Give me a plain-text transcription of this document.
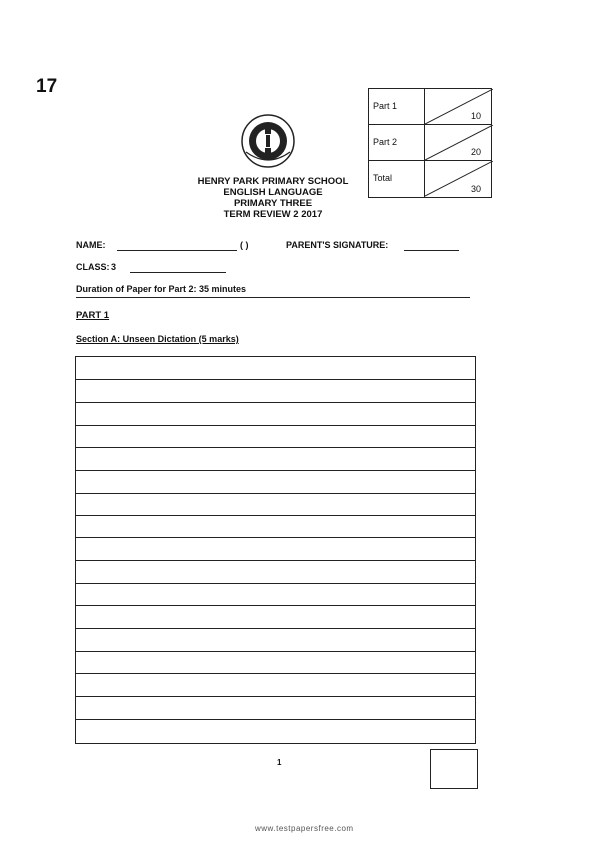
17
Part 1
10
Part 2
20
Total
30
HENRY PARK PRIMARY SCHOOL
ENGLISH LANGUAGE
PRIMARY THREE
TERM REVIEW 2 2017
NAME:	( )	PARENT'S SIGNATURE:
CLASS: 3
Duration of Paper for Part 2: 35 minutes
PART 1
Section A: Unseen Dictation (5 marks)
1
www.testpapersfree.com
